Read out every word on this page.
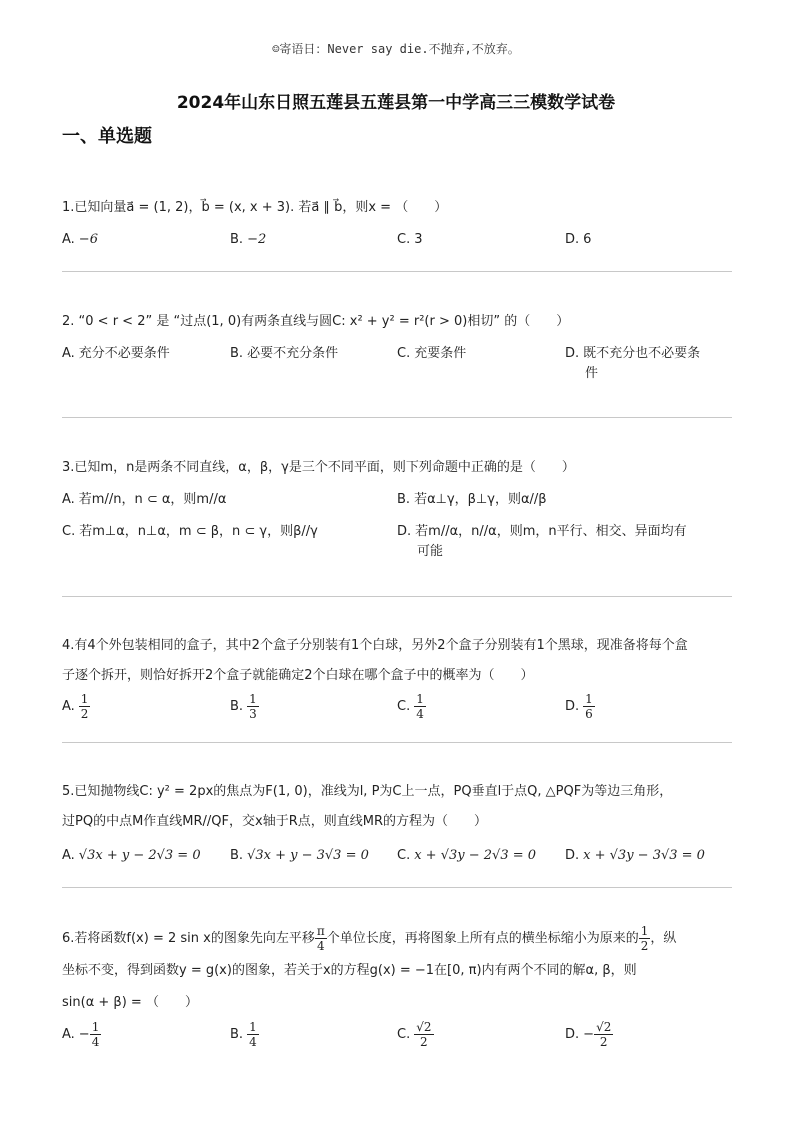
☺寄语日：Never say die.不抛弃,不放弃。
2024年山东日照五莲县五莲县第一中学高三三模数学试卷
一、单选题
1.已知向量a⃗ = (1, 2)，b⃗ = (x, x + 3). 若a⃗ ∥ b⃗，则x = （　　）
A. −6	B. −2	C. 3	D. 6
2. “0 < r < 2” 是 “过点(1, 0)有两条直线与圆C: x² + y² = r²(r > 0)相切” 的（　　）
A. 充分不必要条件	B. 必要不充分条件	C. 充要条件	D. 既不充分也不必要条
件
3.已知m，n是两条不同直线，α，β，γ是三个不同平面，则下列命题中正确的是（　　）
A. 若m//n，n ⊂ α，则m//α	B. 若α⊥γ，β⊥γ，则α//β
C. 若m⊥α，n⊥α，m ⊂ β，n ⊂ γ，则β//γ	D. 若m//α，n//α，则m，n平行、相交、异面均有
可能
4.有4个外包装相同的盒子，其中2个盒子分别装有1个白球，另外2个盒子分别装有1个黑球，现准备将每个盒
子逐个拆开，则恰好拆开2个盒子就能确定2个白球在哪个盒子中的概率为（　　）
A. $\frac{1}{2}$	B. $\frac{1}{3}$	C. $\frac{1}{4}$	D. $\frac{1}{6}$
5.已知抛物线C: y² = 2px的焦点为F(1, 0)，准线为l, P为C上一点，PQ垂直l于点Q, △PQF为等边三角形，
过PQ的中点M作直线MR//QF，交x轴于R点，则直线MR的方程为（　　）
A. √3x + y − 2√3 = 0 B. √3x + y − 3√3 = 0 C. x + √3y − 2√3 = 0 D. x + √3y − 3√3 = 0
6.若将函数f(x) = 2 sin x的图象先向左平移 $\frac{\pi}{4}$ 个单位长度，再将图象上所有点的横坐标缩小为原来的 $\frac{1}{2}$ ，纵
坐标不变，得到函数y = g(x)的图象，若关于x的方程g(x) = −1在[0, π)内有两个不同的解α, β，则
sin(α + β) = （　　）
A. − $\frac{1}{4}$	B. $\frac{1}{4}$	C. $\frac{√2}{2}$	D. − $\frac{√2}{2}$
